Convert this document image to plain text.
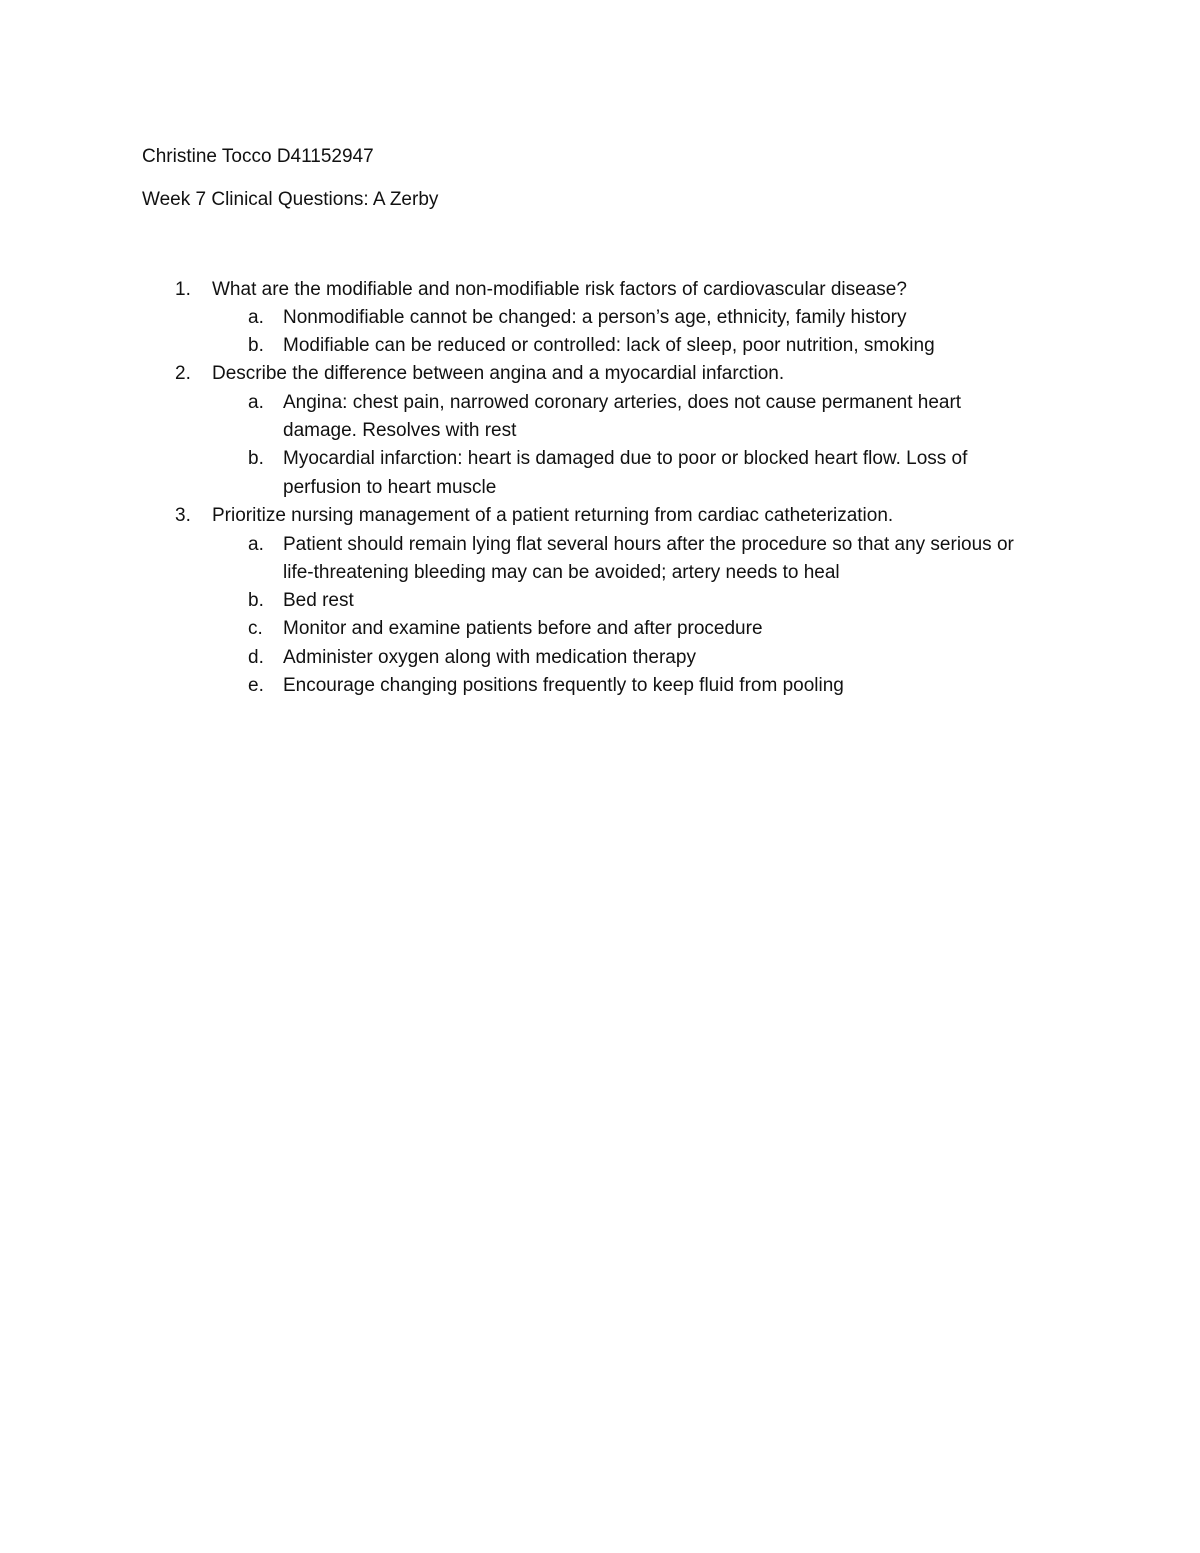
Christine Tocco D41152947
Week 7 Clinical Questions: A Zerby
1. What are the modifiable and non-modifiable risk factors of cardiovascular disease?
a. Nonmodifiable cannot be changed: a person’s age, ethnicity, family history
b. Modifiable can be reduced or controlled: lack of sleep, poor nutrition, smoking
2. Describe the difference between angina and a myocardial infarction.
a. Angina: chest pain, narrowed coronary arteries, does not cause permanent heart
damage. Resolves with rest
b. Myocardial infarction: heart is damaged due to poor or blocked heart flow. Loss of
perfusion to heart muscle
3. Prioritize nursing management of a patient returning from cardiac catheterization.
a. Patient should remain lying flat several hours after the procedure so that any serious or
life-threatening bleeding may can be avoided; artery needs to heal
b. Bed rest
c. Monitor and examine patients before and after procedure
d. Administer oxygen along with medication therapy
e. Encourage changing positions frequently to keep fluid from pooling
